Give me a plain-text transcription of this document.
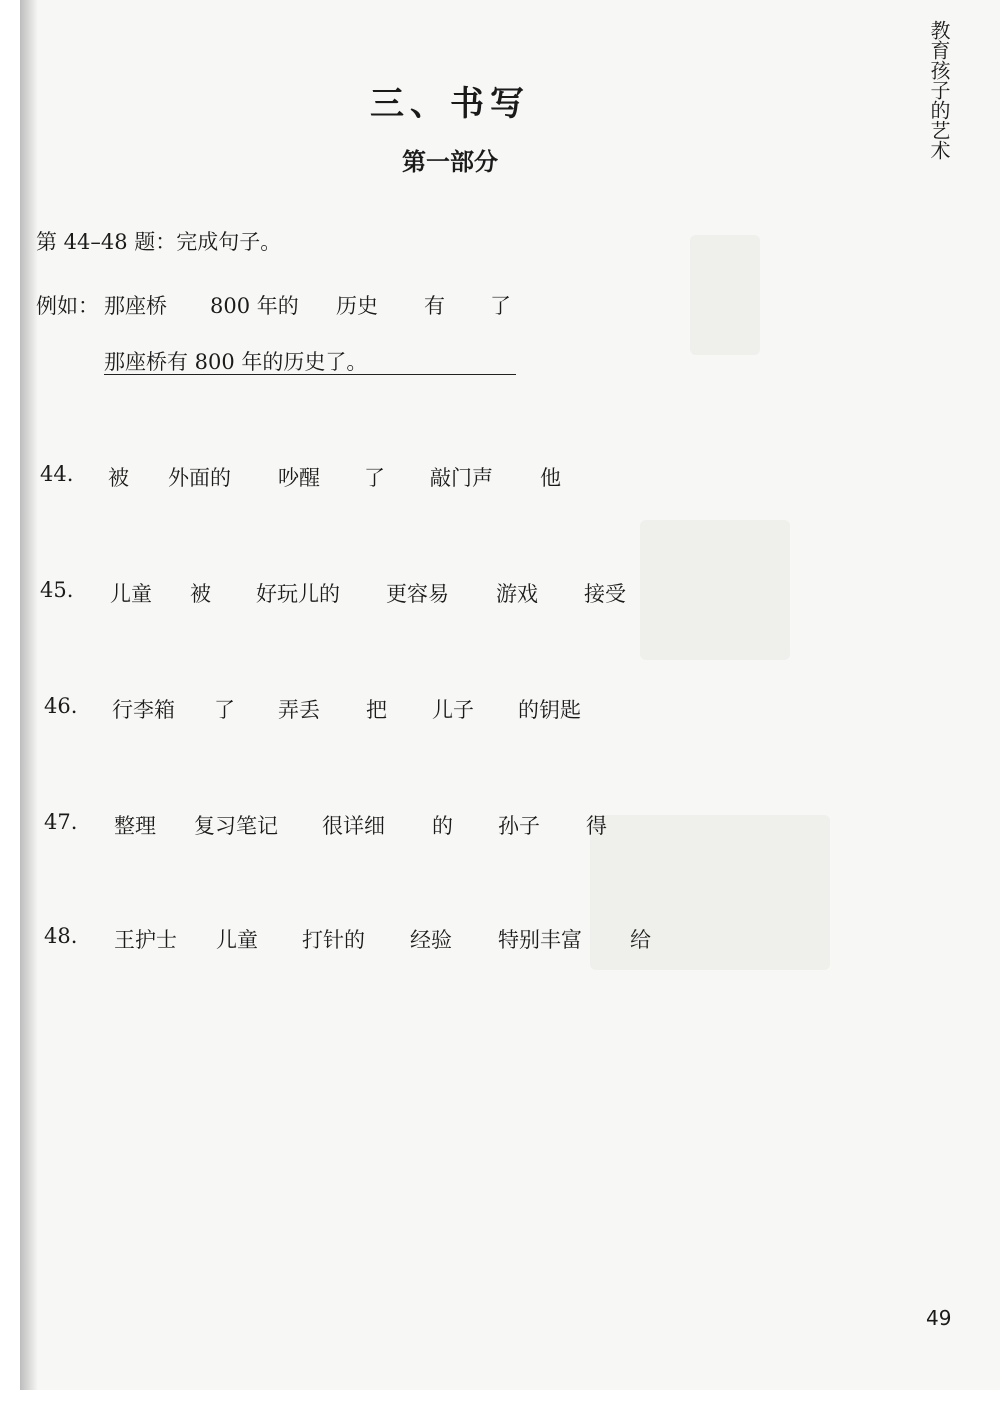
三、书写
第一部分
教育孩子的艺术
第 44–48 题：完成句子。
例如： 那座桥 800 年的 历史 有 了
那座桥有 800 年的历史了。
44. 被 外面的 吵醒 了 敲门声 他
45. 儿童 被 好玩儿的 更容易 游戏 接受
46. 行李箱 了 弄丢 把 儿子 的钥匙
47. 整理 复习笔记 很详细 的 孙子 得
48. 王护士 儿童 打针的 经验 特别丰富 给
49
